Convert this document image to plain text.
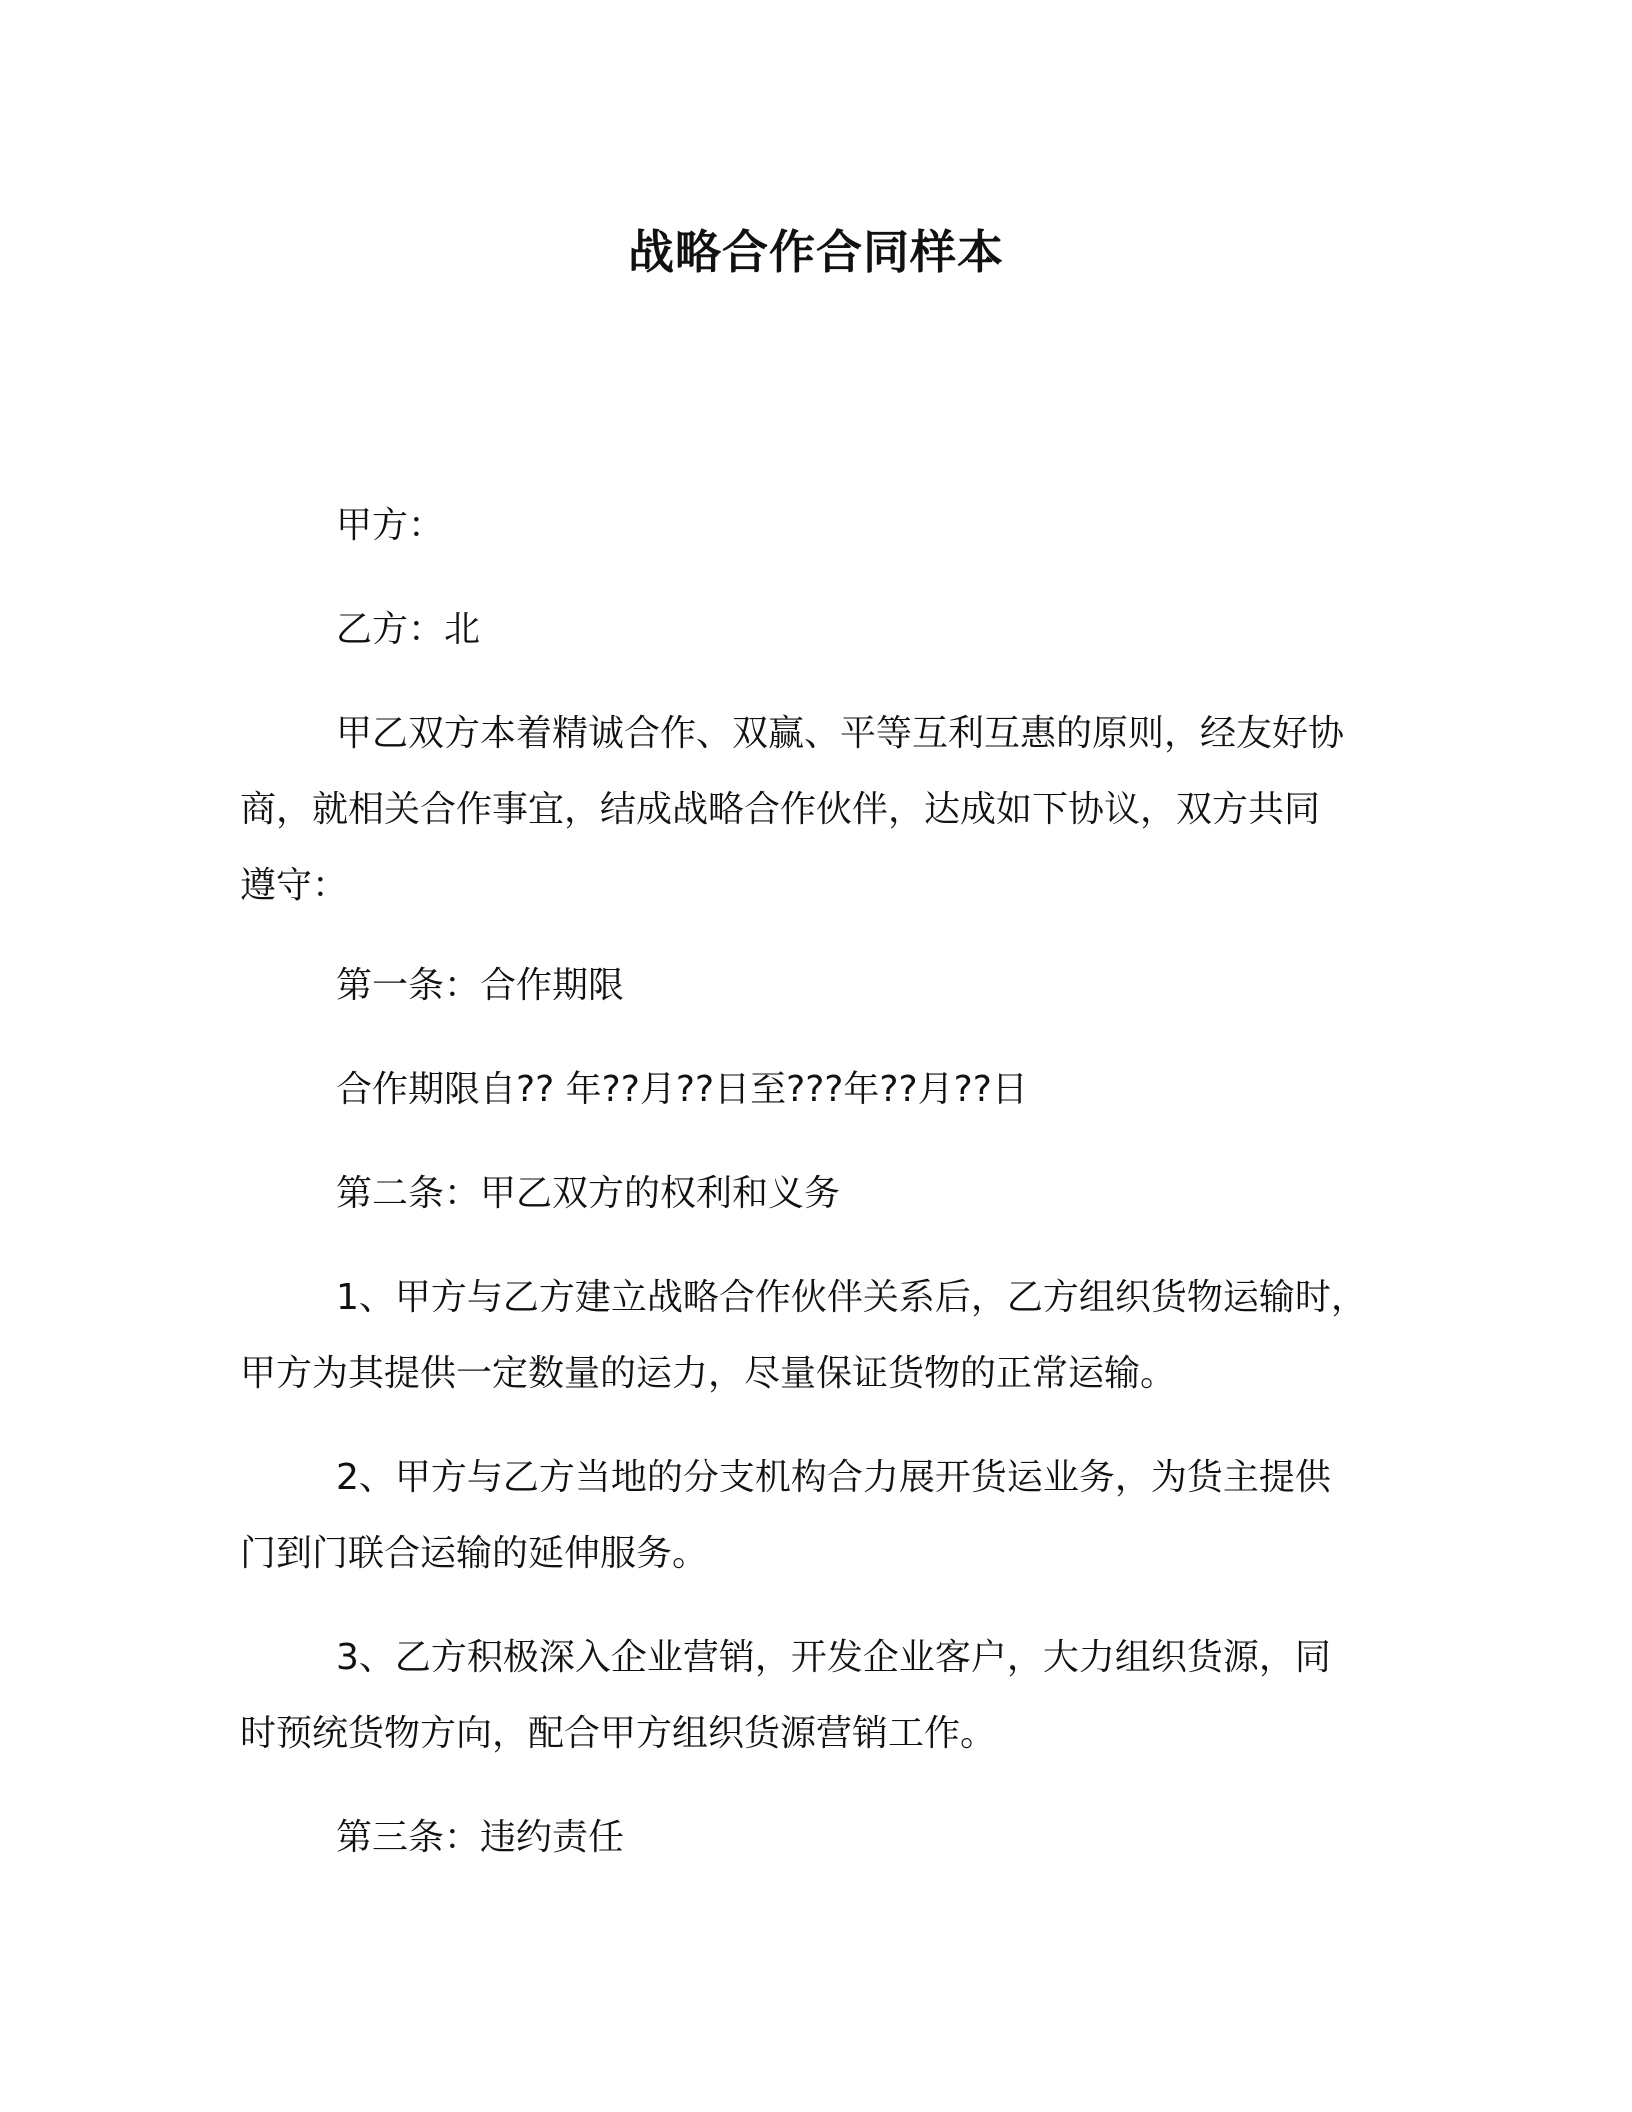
战略合作合同样本

甲方：

乙方：北

甲乙双方本着精诚合作、双赢、平等互利互惠的原则，经友好协
商，就相关合作事宜，结成战略合作伙伴，达成如下协议，双方共同
遵守：

第一条：合作期限

合作期限自?? 年??月??日至???年??月??日

第二条：甲乙双方的权利和义务

1、甲方与乙方建立战略合作伙伴关系后，乙方组织货物运输时，
甲方为其提供一定数量的运力，尽量保证货物的正常运输。

2、甲方与乙方当地的分支机构合力展开货运业务，为货主提供
门到门联合运输的延伸服务。

3、乙方积极深入企业营销，开发企业客户，大力组织货源，同
时预统货物方向，配合甲方组织货源营销工作。

第三条：违约责任
